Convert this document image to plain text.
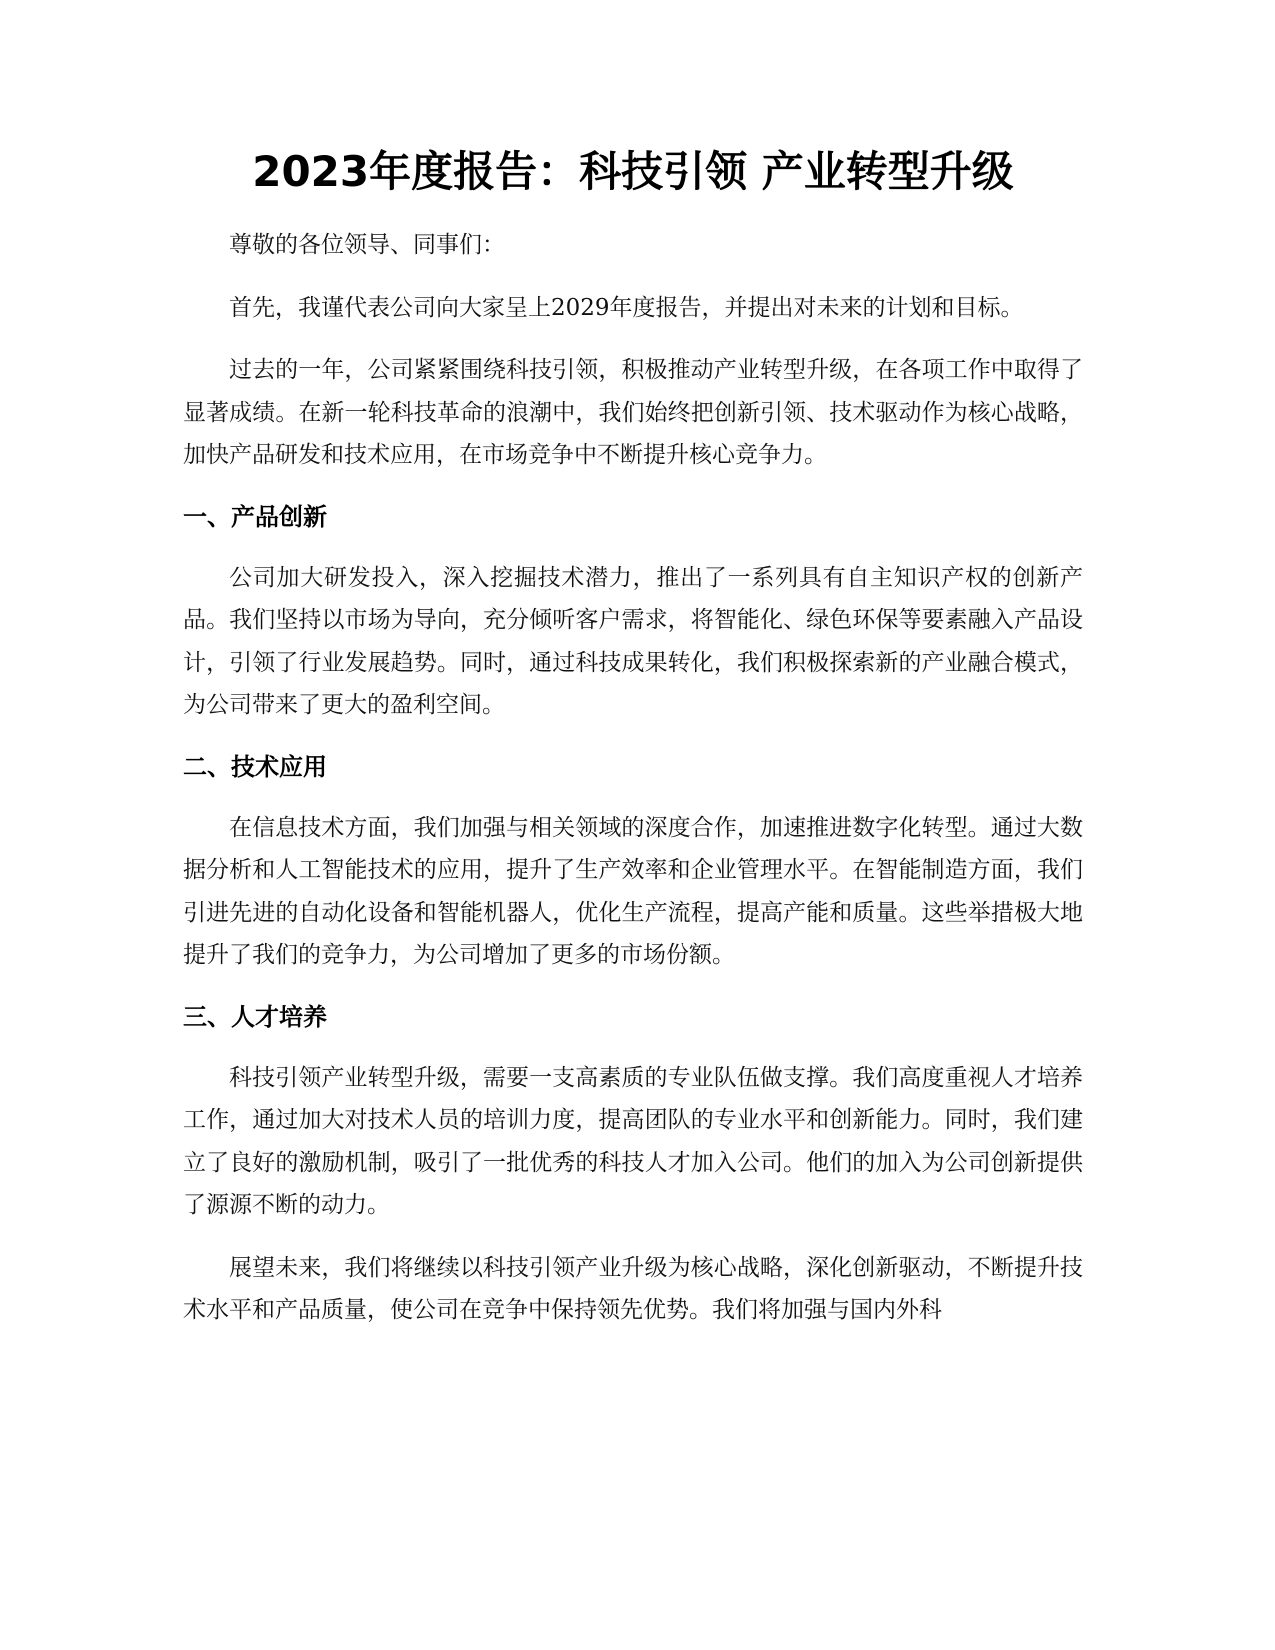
2023年度报告：科技引领 产业转型升级

尊敬的各位领导、同事们：

首先，我谨代表公司向大家呈上2029年度报告，并提出对未来的计划和目标。

过去的一年，公司紧紧围绕科技引领，积极推动产业转型升级，在各项工作中取得了显著成绩。在新一轮科技革命的浪潮中，我们始终把创新引领、技术驱动作为核心战略，加快产品研发和技术应用，在市场竞争中不断提升核心竞争力。

一、产品创新

公司加大研发投入，深入挖掘技术潜力，推出了一系列具有自主知识产权的创新产品。我们坚持以市场为导向，充分倾听客户需求，将智能化、绿色环保等要素融入产品设计，引领了行业发展趋势。同时，通过科技成果转化，我们积极探索新的产业融合模式，为公司带来了更大的盈利空间。

二、技术应用

在信息技术方面，我们加强与相关领域的深度合作，加速推进数字化转型。通过大数据分析和人工智能技术的应用，提升了生产效率和企业管理水平。在智能制造方面，我们引进先进的自动化设备和智能机器人，优化生产流程，提高产能和质量。这些举措极大地提升了我们的竞争力，为公司增加了更多的市场份额。

三、人才培养

科技引领产业转型升级，需要一支高素质的专业队伍做支撑。我们高度重视人才培养工作，通过加大对技术人员的培训力度，提高团队的专业水平和创新能力。同时，我们建立了良好的激励机制，吸引了一批优秀的科技人才加入公司。他们的加入为公司创新提供了源源不断的动力。

展望未来，我们将继续以科技引领产业升级为核心战略，深化创新驱动，不断提升技术水平和产品质量，使公司在竞争中保持领先优势。我们将加强与国内外科
